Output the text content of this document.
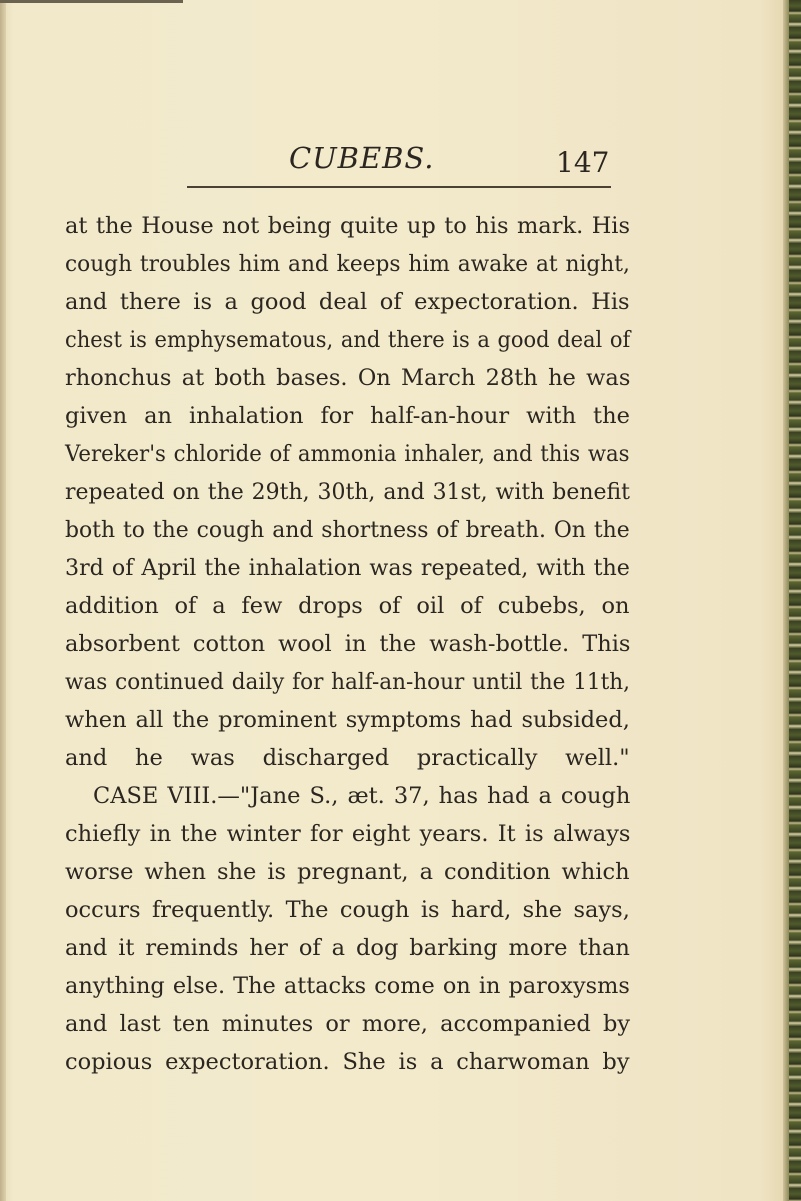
CUBEBS.	147
at the House not being quite up to his mark. His
cough troubles him and keeps him awake at night,
and there is a good deal of expectoration. His
chest is emphysematous, and there is a good deal of
rhonchus at both bases. On March 28th he was
given an inhalation for half-an-hour with the
Vereker's chloride of ammonia inhaler, and this was
repeated on the 29th, 30th, and 31st, with benefit
both to the cough and shortness of breath. On the
3rd of April the inhalation was repeated, with the
addition of a few drops of oil of cubebs, on
absorbent cotton wool in the wash-bottle. This
was continued daily for half-an-hour until the 11th,
when all the prominent symptoms had subsided,
and he was discharged practically well."
CASE VIII.—"Jane S., æt. 37, has had a cough
chiefly in the winter for eight years. It is always
worse when she is pregnant, a condition which
occurs frequently. The cough is hard, she says,
and it reminds her of a dog barking more than
anything else. The attacks come on in paroxysms
and last ten minutes or more, accompanied by
copious expectoration. She is a charwoman by
